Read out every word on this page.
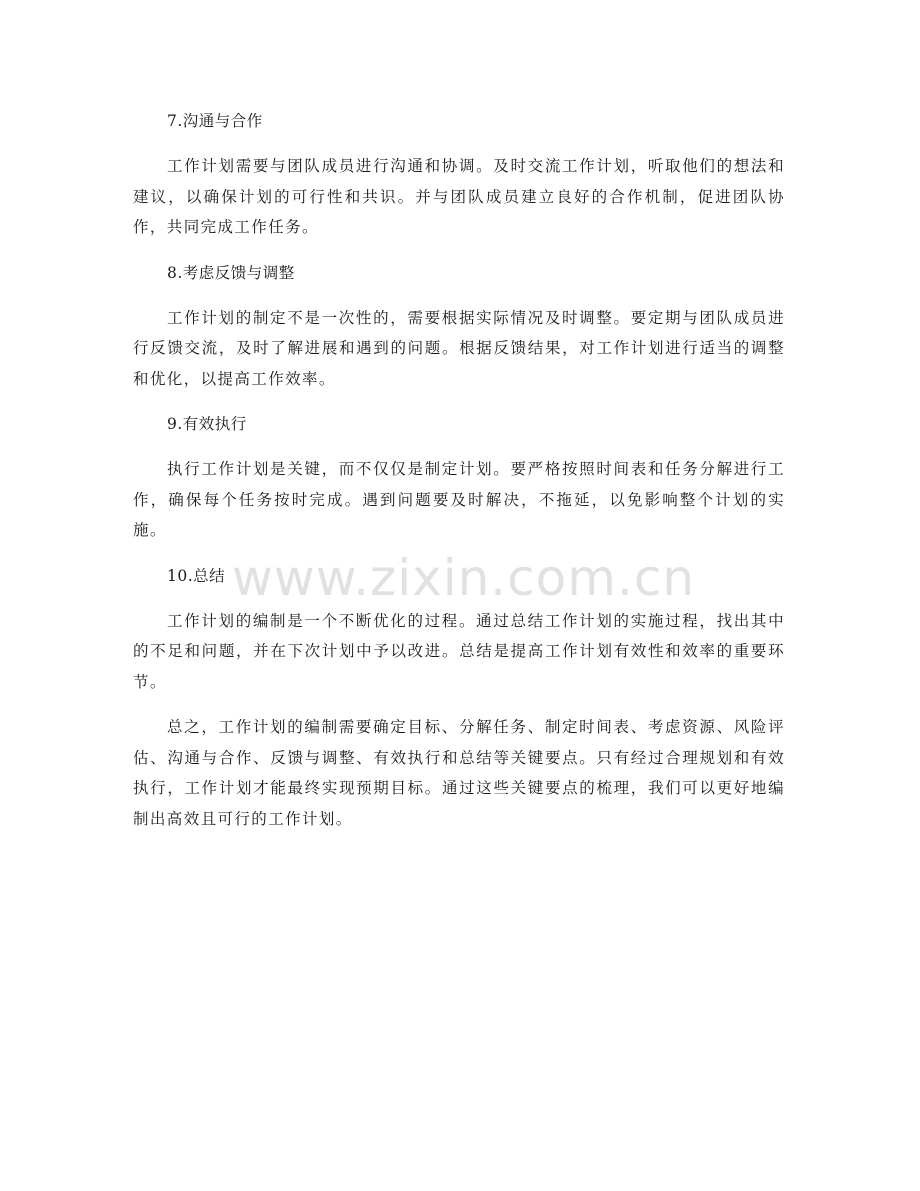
7.沟通与合作

工作计划需要与团队成员进行沟通和协调。及时交流工作计划，听取他们的想法和建议，以确保计划的可行性和共识。并与团队成员建立良好的合作机制，促进团队协作，共同完成工作任务。

8.考虑反馈与调整

工作计划的制定不是一次性的，需要根据实际情况及时调整。要定期与团队成员进行反馈交流，及时了解进展和遇到的问题。根据反馈结果，对工作计划进行适当的调整和优化，以提高工作效率。

9.有效执行

执行工作计划是关键，而不仅仅是制定计划。要严格按照时间表和任务分解进行工作，确保每个任务按时完成。遇到问题要及时解决，不拖延，以免影响整个计划的实施。

10.总结

工作计划的编制是一个不断优化的过程。通过总结工作计划的实施过程，找出其中的不足和问题，并在下次计划中予以改进。总结是提高工作计划有效性和效率的重要环节。

总之，工作计划的编制需要确定目标、分解任务、制定时间表、考虑资源、风险评估、沟通与合作、反馈与调整、有效执行和总结等关键要点。只有经过合理规划和有效执行，工作计划才能最终实现预期目标。通过这些关键要点的梳理，我们可以更好地编制出高效且可行的工作计划。

www.zixin.com.cn
